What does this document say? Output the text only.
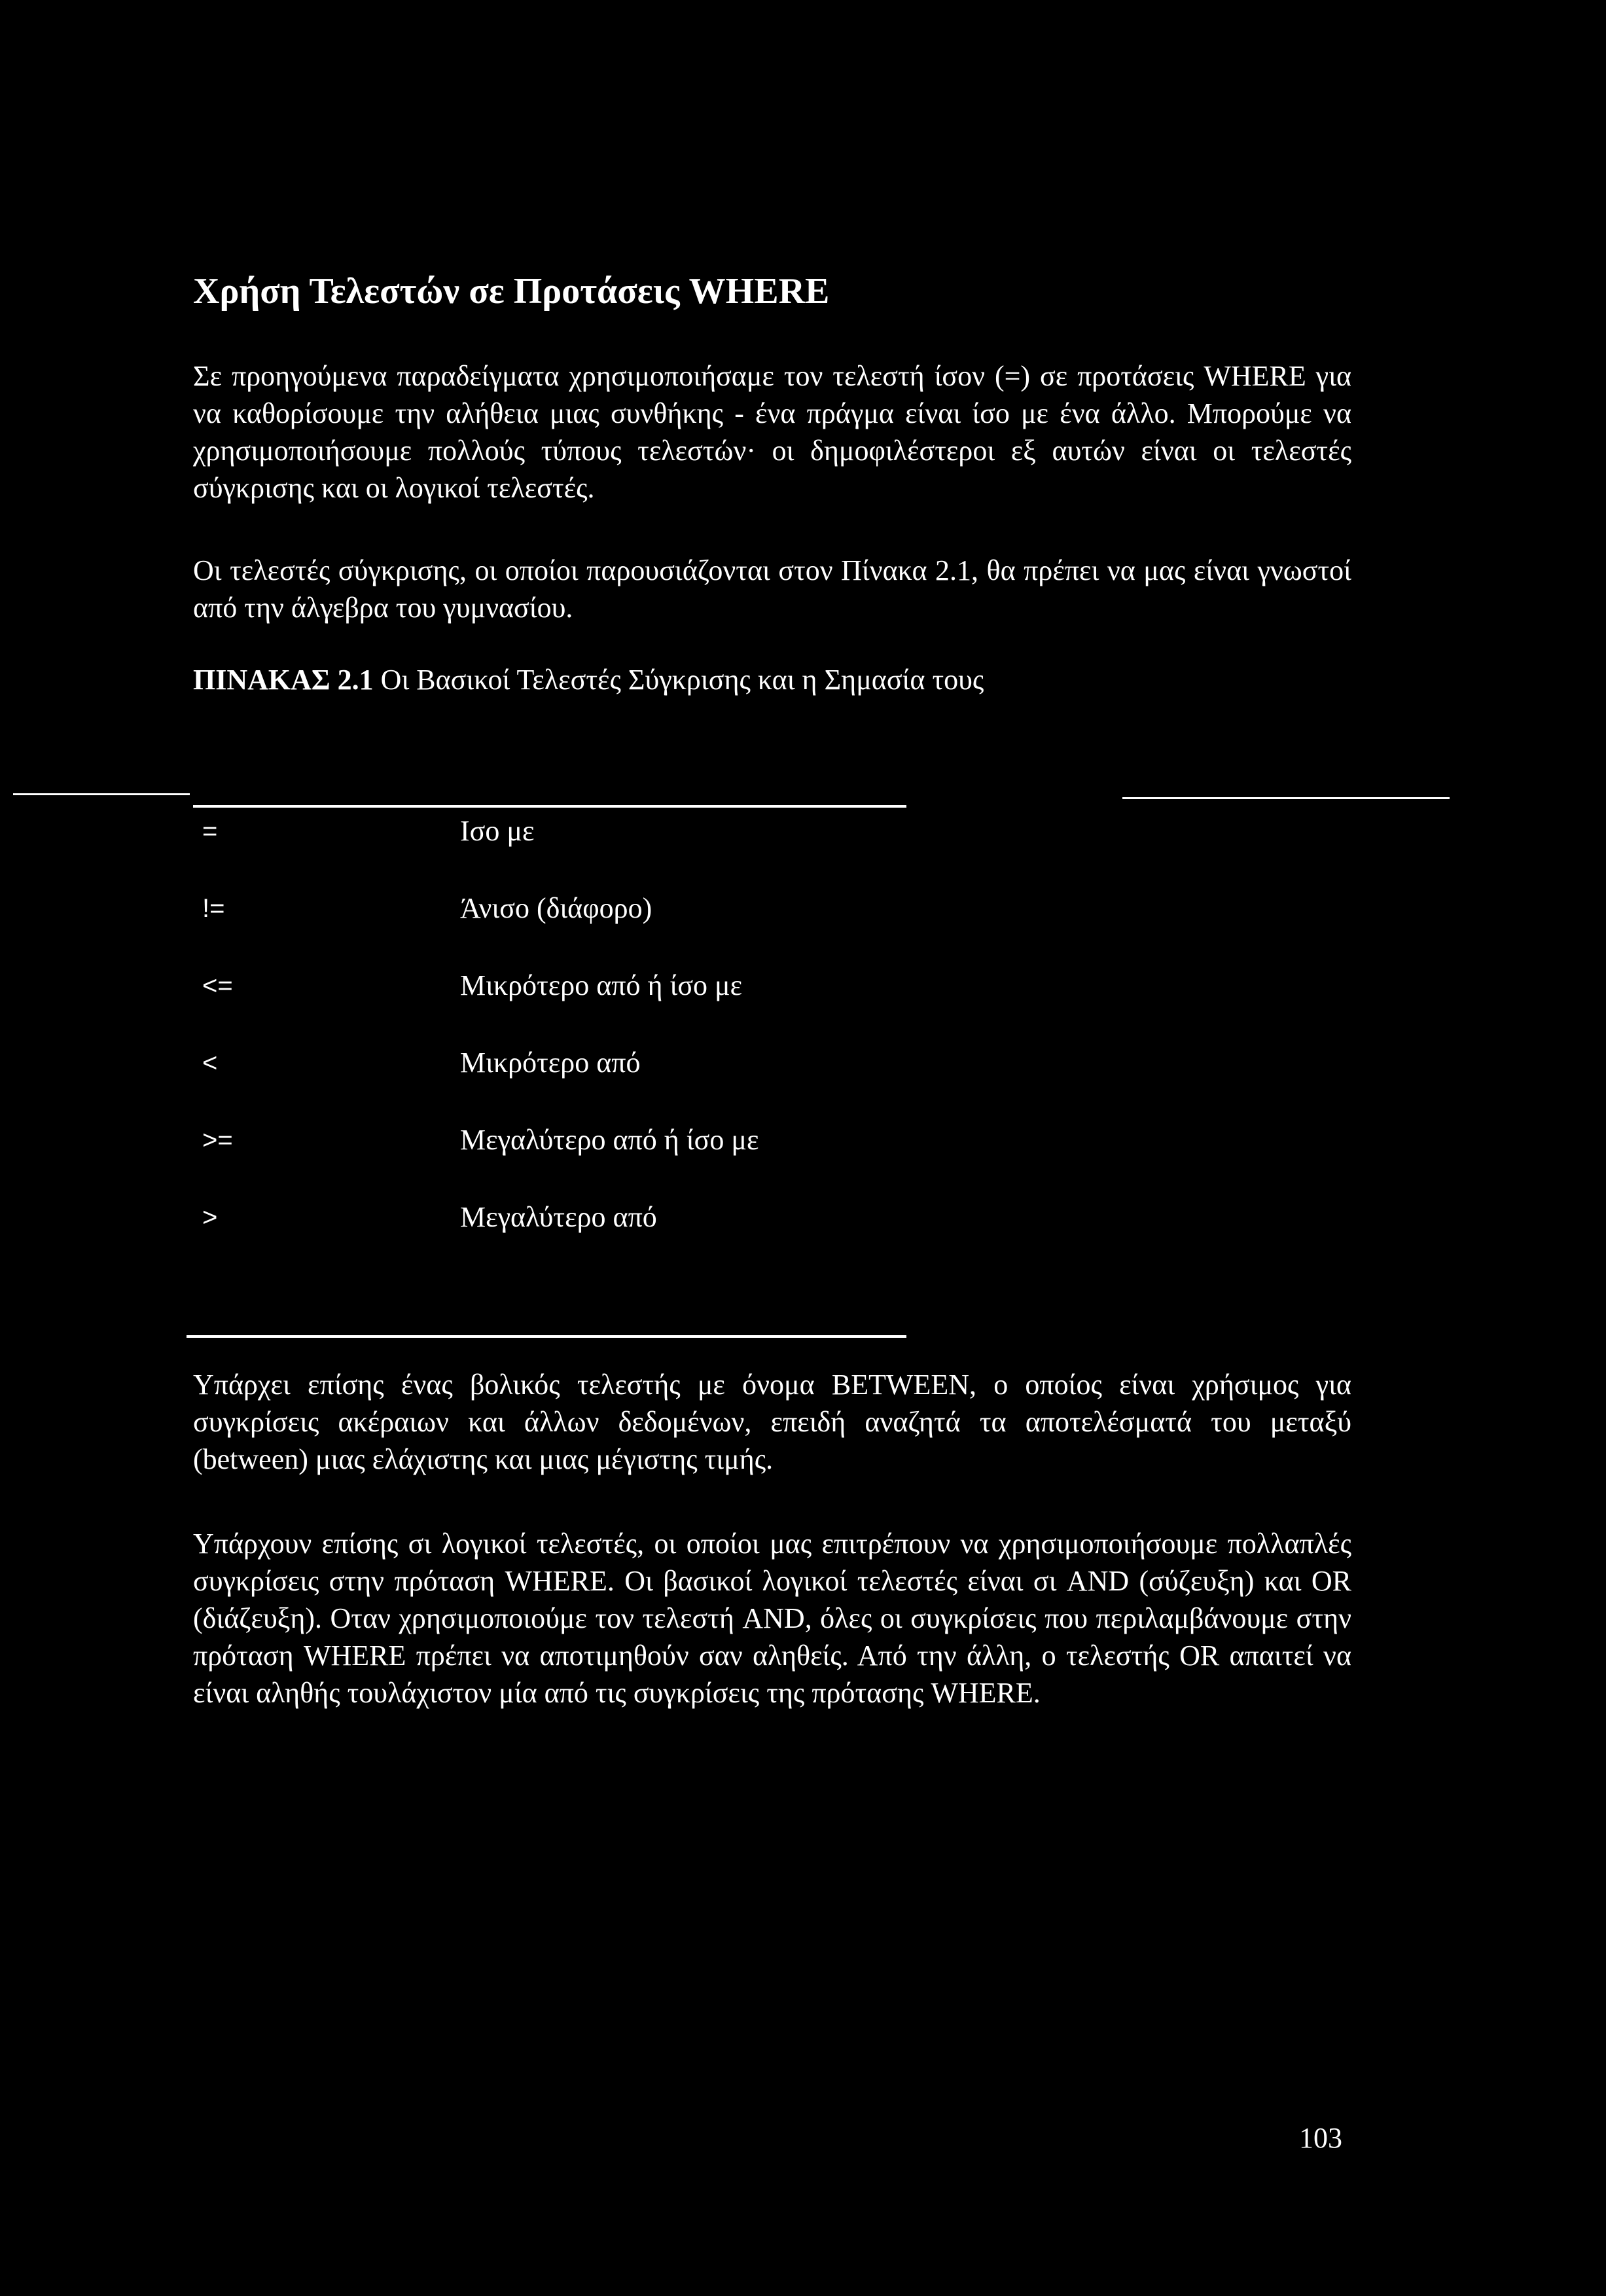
Χρήση Τελεστών σε Προτάσεις WHERE

Σε προηγούμενα παραδείγματα χρησιμοποιήσαμε τον τελεστή ίσον (=) σε προτάσεις WHERE για να καθορίσουμε την αλήθεια μιας συνθήκης - ένα πράγμα είναι ίσο με ένα άλλο. Μπορούμε να χρησιμοποιήσουμε πολλούς τύπους τελεστών· οι δημοφιλέστεροι εξ αυτών είναι οι τελεστές σύγκρισης και οι λογικοί τελεστές.

Οι τελεστές σύγκρισης, οι οποίοι παρουσιάζονται στον Πίνακα 2.1, θα πρέπει να μας είναι γνωστοί από την άλγεβρα του γυμνασίου.

ΠΙΝΑΚΑΣ 2.1 Οι Βασικοί Τελεστές Σύγκρισης και η Σημασία τους

=	Ισο με
!=	Άνισο (διάφορο)
<=	Μικρότερο από ή ίσο με
<	Μικρότερο από
>=	Μεγαλύτερο από ή ίσο με
>	Μεγαλύτερο από

Υπάρχει επίσης ένας βολικός τελεστής με όνομα BETWEEN, ο οποίος είναι χρήσιμος για συγκρίσεις ακέραιων και άλλων δεδομένων, επειδή αναζητά τα αποτελέσματά του μεταξύ (between) μιας ελάχιστης και μιας μέγιστης τιμής.

Υπάρχουν επίσης σι λογικοί τελεστές, οι οποίοι μας επιτρέπουν να χρησιμοποιήσουμε πολλαπλές συγκρίσεις στην πρόταση WHERE. Οι βασικοί λογικοί τελεστές είναι σι AND (σύζευξη) και OR (διάζευξη). Οταν χρησιμοποιούμε τον τελεστή AND, όλες οι συγκρίσεις που περιλαμβάνουμε στην πρόταση WHERE πρέπει να αποτιμηθούν σαν αληθείς. Από την άλλη, ο τελεστής OR απαιτεί να είναι αληθής τουλάχιστον μία από τις συγκρίσεις της πρότασης WHERE.

103
